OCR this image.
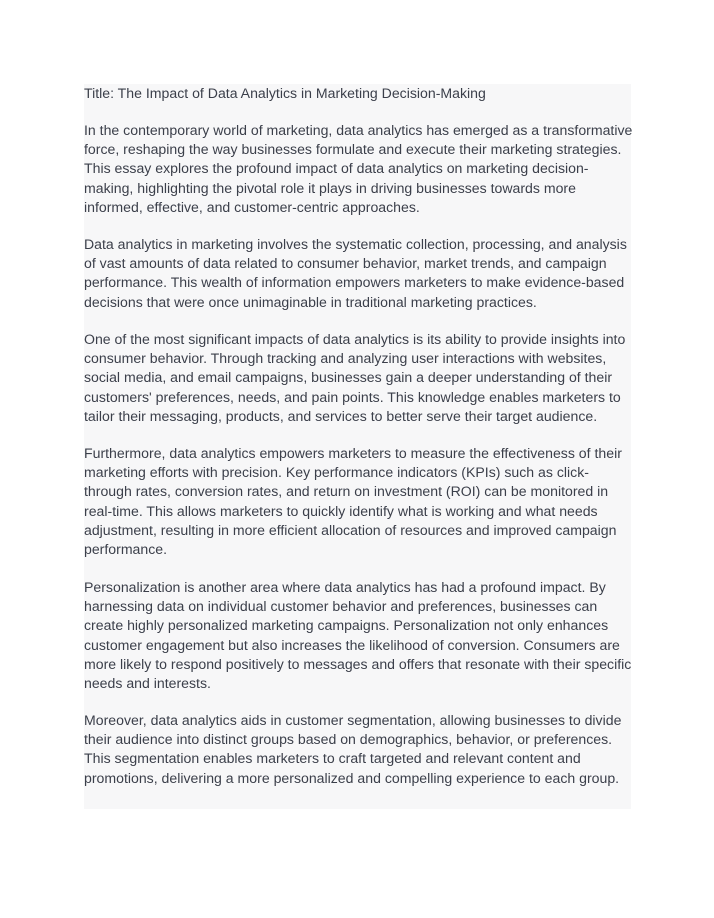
Title: The Impact of Data Analytics in Marketing Decision-Making

In the contemporary world of marketing, data analytics has emerged as a transformative force, reshaping the way businesses formulate and execute their marketing strategies. This essay explores the profound impact of data analytics on marketing decision-making, highlighting the pivotal role it plays in driving businesses towards more informed, effective, and customer-centric approaches.

Data analytics in marketing involves the systematic collection, processing, and analysis of vast amounts of data related to consumer behavior, market trends, and campaign performance. This wealth of information empowers marketers to make evidence-based decisions that were once unimaginable in traditional marketing practices.

One of the most significant impacts of data analytics is its ability to provide insights into consumer behavior. Through tracking and analyzing user interactions with websites, social media, and email campaigns, businesses gain a deeper understanding of their customers' preferences, needs, and pain points. This knowledge enables marketers to tailor their messaging, products, and services to better serve their target audience.

Furthermore, data analytics empowers marketers to measure the effectiveness of their marketing efforts with precision. Key performance indicators (KPIs) such as click-through rates, conversion rates, and return on investment (ROI) can be monitored in real-time. This allows marketers to quickly identify what is working and what needs adjustment, resulting in more efficient allocation of resources and improved campaign performance.

Personalization is another area where data analytics has had a profound impact. By harnessing data on individual customer behavior and preferences, businesses can create highly personalized marketing campaigns. Personalization not only enhances customer engagement but also increases the likelihood of conversion. Consumers are more likely to respond positively to messages and offers that resonate with their specific needs and interests.

Moreover, data analytics aids in customer segmentation, allowing businesses to divide their audience into distinct groups based on demographics, behavior, or preferences. This segmentation enables marketers to craft targeted and relevant content and promotions, delivering a more personalized and compelling experience to each group.
